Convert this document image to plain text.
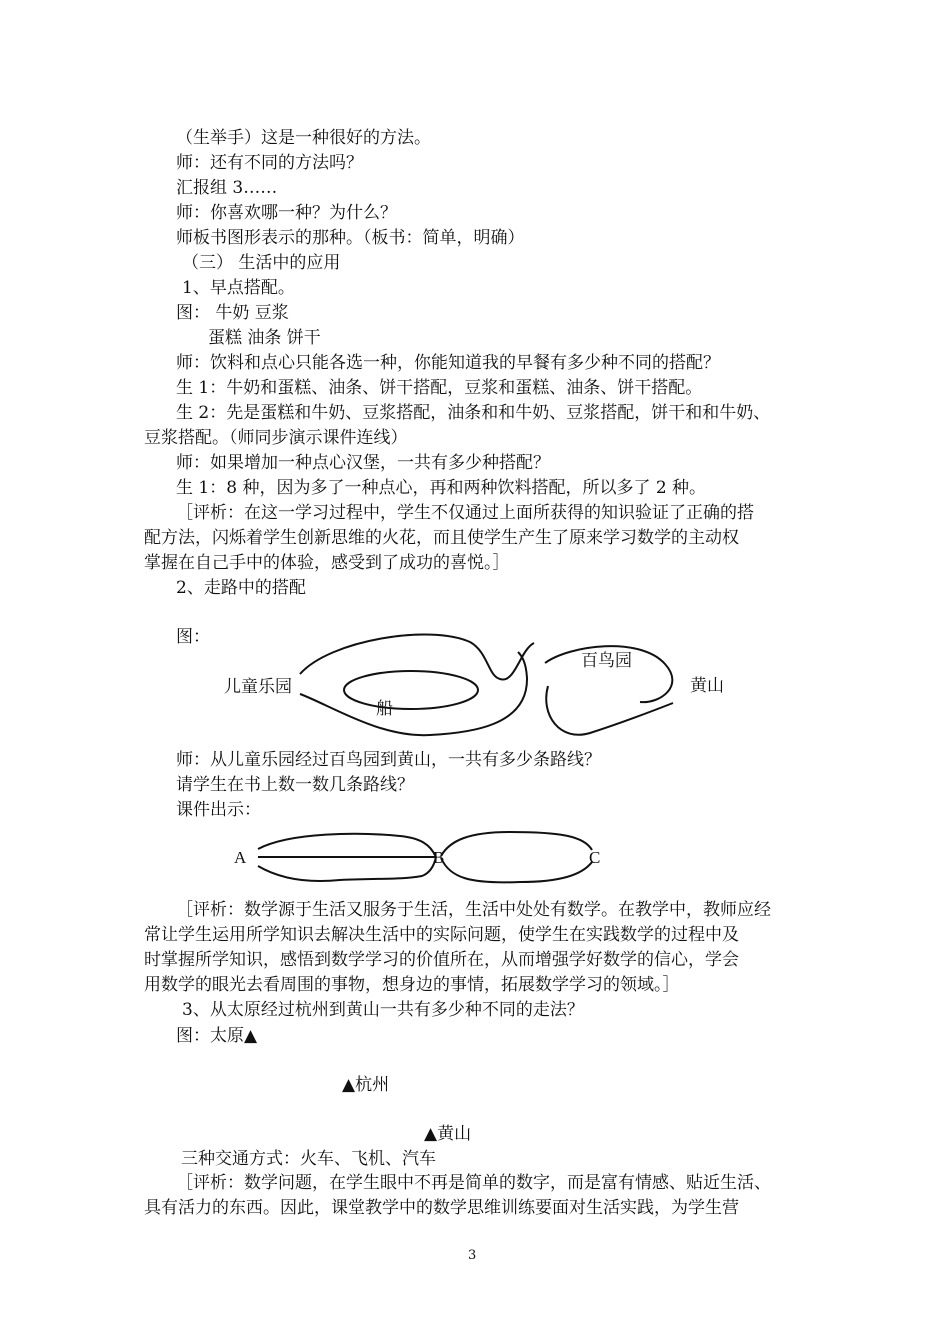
（生举手）这是一种很好的方法。
师：还有不同的方法吗？
汇报组 3……
师：你喜欢哪一种？为什么？
师板书图形表示的那种。（板书：简单，明确）
（三） 生活中的应用
1、早点搭配。
图： 牛奶 豆浆
蛋糕 油条 饼干
师：饮料和点心只能各选一种，你能知道我的早餐有多少种不同的搭配？
生 1：牛奶和蛋糕、油条、饼干搭配，豆浆和蛋糕、油条、饼干搭配。
生 2：先是蛋糕和牛奶、豆浆搭配，油条和和牛奶、豆浆搭配，饼干和和牛奶、
豆浆搭配。（师同步演示课件连线）
师：如果增加一种点心汉堡，一共有多少种搭配？
生 1：8 种，因为多了一种点心，再和两种饮料搭配，所以多了 2 种。
［评析：在这一学习过程中，学生不仅通过上面所获得的知识验证了正确的搭
配方法，闪烁着学生创新思维的火花，而且使学生产生了原来学习数学的主动权
掌握在自己手中的体验，感受到了成功的喜悦。］
2、走路中的搭配
图：
儿童乐园
百鸟园
黄山
船
师：从儿童乐园经过百鸟园到黄山，一共有多少条路线？
请学生在书上数一数几条路线？
课件出示：
A	B	C
［评析：数学源于生活又服务于生活，生活中处处有数学。在教学中，教师应经
常让学生运用所学知识去解决生活中的实际问题，使学生在实践数学的过程中及
时掌握所学知识，感悟到数学学习的价值所在，从而增强学好数学的信心，学会
用数学的眼光去看周围的事物，想身边的事情，拓展数学学习的领域。］
3、从太原经过杭州到黄山一共有多少种不同的走法？
图：太原▲
▲杭州
▲黄山
三种交通方式：火车、飞机、汽车
［评析：数学问题，在学生眼中不再是简单的数字，而是富有情感、贴近生活、
具有活力的东西。因此，课堂教学中的数学思维训练要面对生活实践，为学生营
3
